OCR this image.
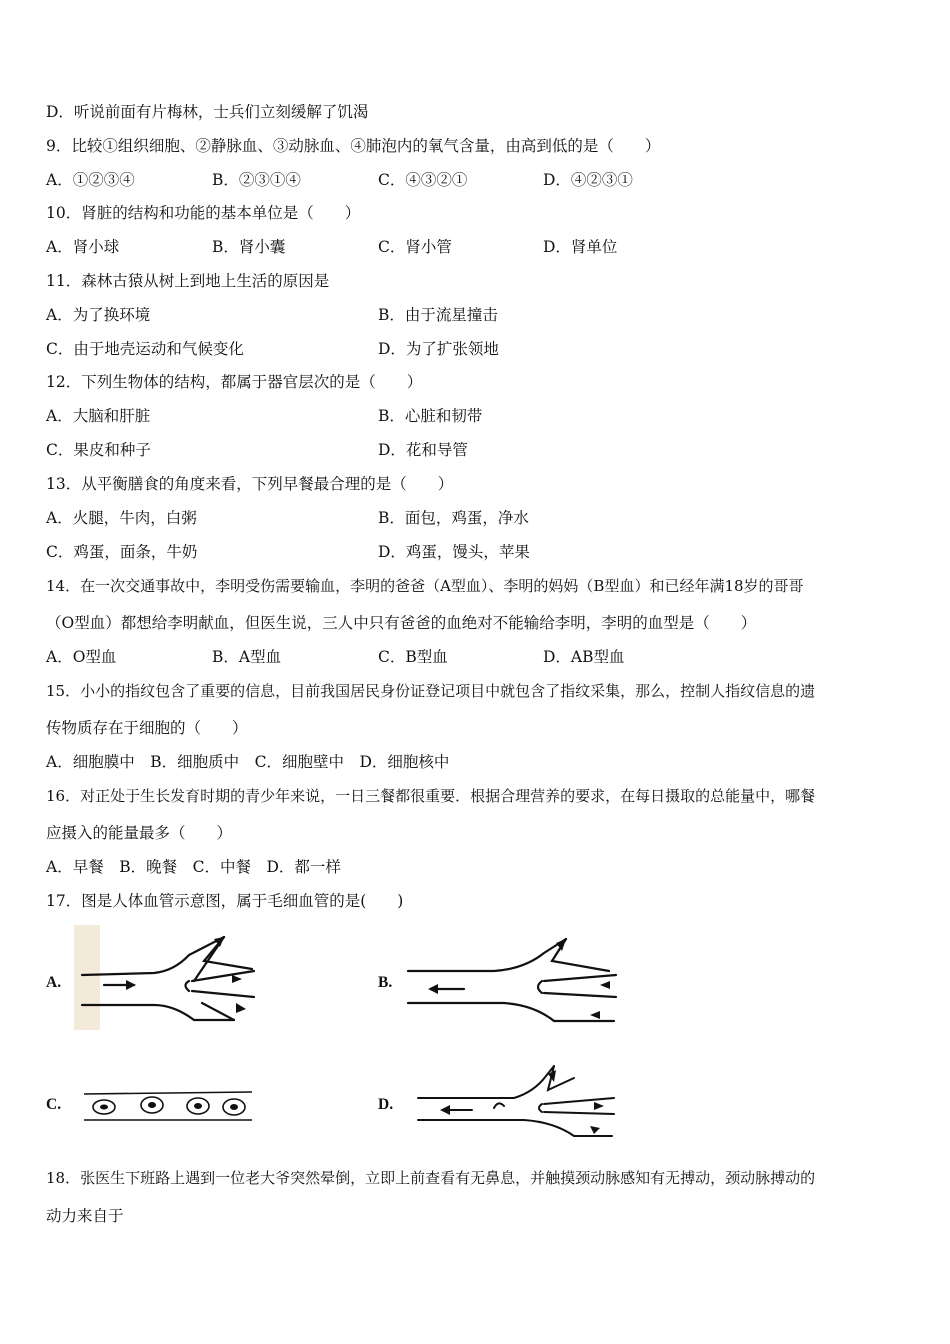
D．听说前面有片梅林，士兵们立刻缓解了饥渴
9．比较①组织细胞、②静脉血、③动脉血、④肺泡内的氧气含量，由高到低的是（　　）
A．①②③④	B．②③①④	C．④③②①	D．④②③①
10．肾脏的结构和功能的基本单位是（　　）
A．肾小球	B．肾小囊	C．肾小管	D．肾单位
11．森林古猿从树上到地上生活的原因是
A．为了换环境	B．由于流星撞击
C．由于地壳运动和气候变化	D．为了扩张领地
12．下列生物体的结构，都属于器官层次的是（　　）
A．大脑和肝脏	B．心脏和韧带
C．果皮和种子	D．花和导管
13．从平衡膳食的角度来看，下列早餐最合理的是（　　）
A．火腿，牛肉，白粥	B．面包，鸡蛋，净水
C．鸡蛋，面条，牛奶	D．鸡蛋，馒头，苹果
14．在一次交通事故中，李明受伤需要输血，李明的爸爸（A型血）、李明的妈妈（B型血）和已经年满18岁的哥哥
（O型血）都想给李明献血，但医生说，三人中只有爸爸的血绝对不能输给李明，李明的血型是（　　）
A．O型血	B．A型血	C．B型血	D．AB型血
15．小小的指纹包含了重要的信息，目前我国居民身份证登记项目中就包含了指纹采集，那么，控制人指纹信息的遗
传物质存在于细胞的（　　）
A．细胞膜中　B．细胞质中　C．细胞壁中　D．细胞核中
16．对正处于生长发育时期的青少年来说，一日三餐都很重要．根据合理营养的要求，在每日摄取的总能量中，哪餐
应摄入的能量最多（　　）
A．早餐　B．晚餐　C．中餐　D．都一样
17．图是人体血管示意图，属于毛细血管的是(　　)
A.	B.
C.	D.
18．张医生下班路上遇到一位老大爷突然晕倒，立即上前查看有无鼻息，并触摸颈动脉感知有无搏动，颈动脉搏动的
动力来自于
